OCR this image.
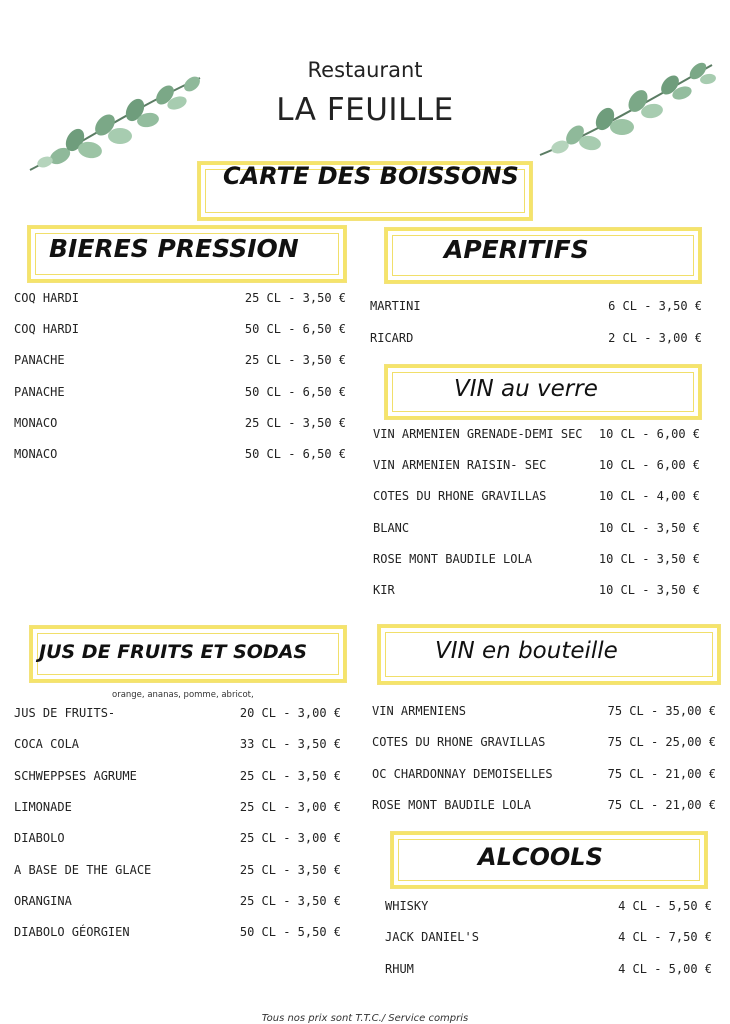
Restaurant
LA FEUILLE
CARTE DES BOISSONS
BIERES PRESSION
COQ HARDI	25 CL - 3,50 €
COQ HARDI	50 CL - 6,50 €
PANACHE	25 CL - 3,50 €
PANACHE	50 CL - 6,50 €
MONACO	25 CL - 3,50 €
MONACO	50 CL - 6,50 €
APERITIFS
MARTINI	6 CL - 3,50 €
RICARD	2 CL - 3,00 €
VIN au verre
VIN ARMENIEN GRENADE-DEMI SEC 10 CL - 6,00 €
VIN ARMENIEN RAISIN- SEC	10 CL - 6,00 €
COTES DU RHONE GRAVILLAS	10 CL - 4,00 €
BLANC	10 CL - 3,50 €
ROSE MONT BAUDILE LOLA	10 CL - 3,50 €
KIR	10 CL - 3,50 €
JUS DE FRUITS ET SODAS
orange, ananas, pomme, abricot,
JUS DE FRUITS-	20 CL - 3,00 €
COCA COLA	33 CL - 3,50 €
SCHWEPPSES AGRUME	25 CL - 3,50 €
LIMONADE	25 CL - 3,00 €
DIABOLO	25 CL - 3,00 €
A BASE DE THE GLACE	25 CL - 3,50 €
ORANGINA	25 CL - 3,50 €
DIABOLO GÉORGIEN	50 CL - 5,50 €
VIN en bouteille
VIN ARMENIENS	75 CL - 35,00 €
COTES DU RHONE GRAVILLAS	75 CL - 25,00 €
OC CHARDONNAY DEMOISELLES	75 CL - 21,00 €
ROSE MONT BAUDILE LOLA	75 CL - 21,00 €
ALCOOLS
WHISKY	4 CL - 5,50 €
JACK DANIEL'S	4 CL - 7,50 €
RHUM	4 CL - 5,00 €
Tous nos prix sont T.T.C./ Service compris
